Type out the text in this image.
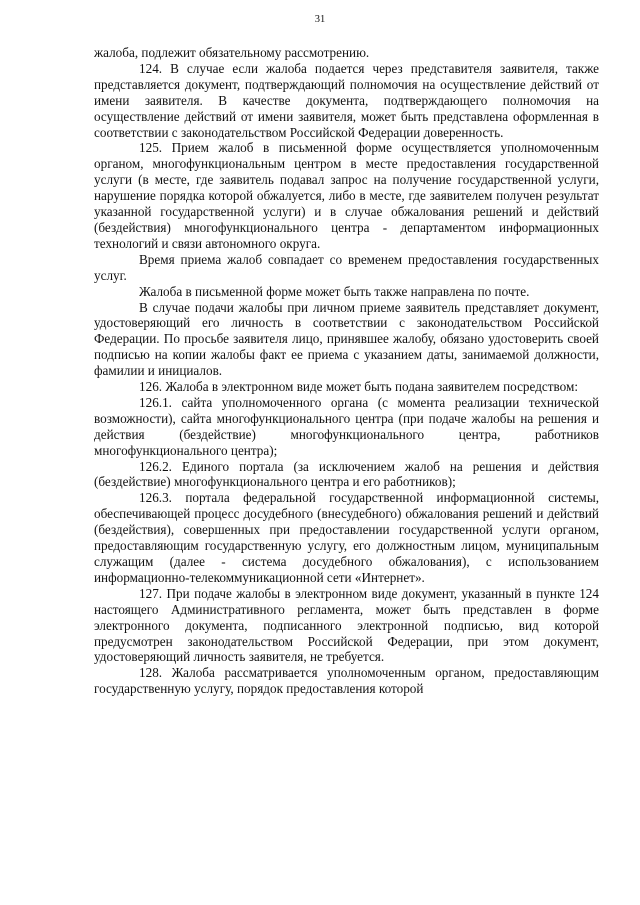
31

жалоба, подлежит обязательному рассмотрению.

124. В случае если жалоба подается через представителя заявителя, также представляется документ, подтверждающий полномочия на осуществление действий от имени заявителя. В качестве документа, подтверждающего полномочия на осуществление действий от имени заявителя, может быть представлена оформленная в соответствии с законодательством Российской Федерации доверенность.

125. Прием жалоб в письменной форме осуществляется уполномоченным органом, многофункциональным центром в месте предоставления государственной услуги (в месте, где заявитель подавал запрос на получение государственной услуги, нарушение порядка которой обжалуется, либо в месте, где заявителем получен результат указанной государственной услуги) и в случае обжалования решений и действий (бездействия) многофункционального центра - департаментом информационных технологий и связи автономного округа.

Время приема жалоб совпадает со временем предоставления государственных услуг.

Жалоба в письменной форме может быть также направлена по почте.

В случае подачи жалобы при личном приеме заявитель представляет документ, удостоверяющий его личность в соответствии с законодательством Российской Федерации. По просьбе заявителя лицо, принявшее жалобу, обязано удостоверить своей подписью на копии жалобы факт ее приема с указанием даты, занимаемой должности, фамилии и инициалов.

126. Жалоба в электронном виде может быть подана заявителем посредством:

126.1. сайта уполномоченного органа (с момента реализации технической возможности), сайта многофункционального центра (при подаче жалобы на решения и действия (бездействие) многофункционального центра, работников многофункционального центра);

126.2. Единого портала (за исключением жалоб на решения и действия (бездействие) многофункционального центра и его работников);

126.3. портала федеральной государственной информационной системы, обеспечивающей процесс досудебного (внесудебного) обжалования решений и действий (бездействия), совершенных при предоставлении государственной услуги органом, предоставляющим государственную услугу, его должностным лицом, муниципальным служащим (далее - система досудебного обжалования), с использованием информационно-телекоммуникационной сети «Интернет».

127. При подаче жалобы в электронном виде документ, указанный в пункте 124 настоящего Административного регламента, может быть представлен в форме электронного документа, подписанного электронной подписью, вид которой предусмотрен законодательством Российской Федерации, при этом документ, удостоверяющий личность заявителя, не требуется.

128. Жалоба рассматривается уполномоченным органом, предоставляющим государственную услугу, порядок предоставления которой
